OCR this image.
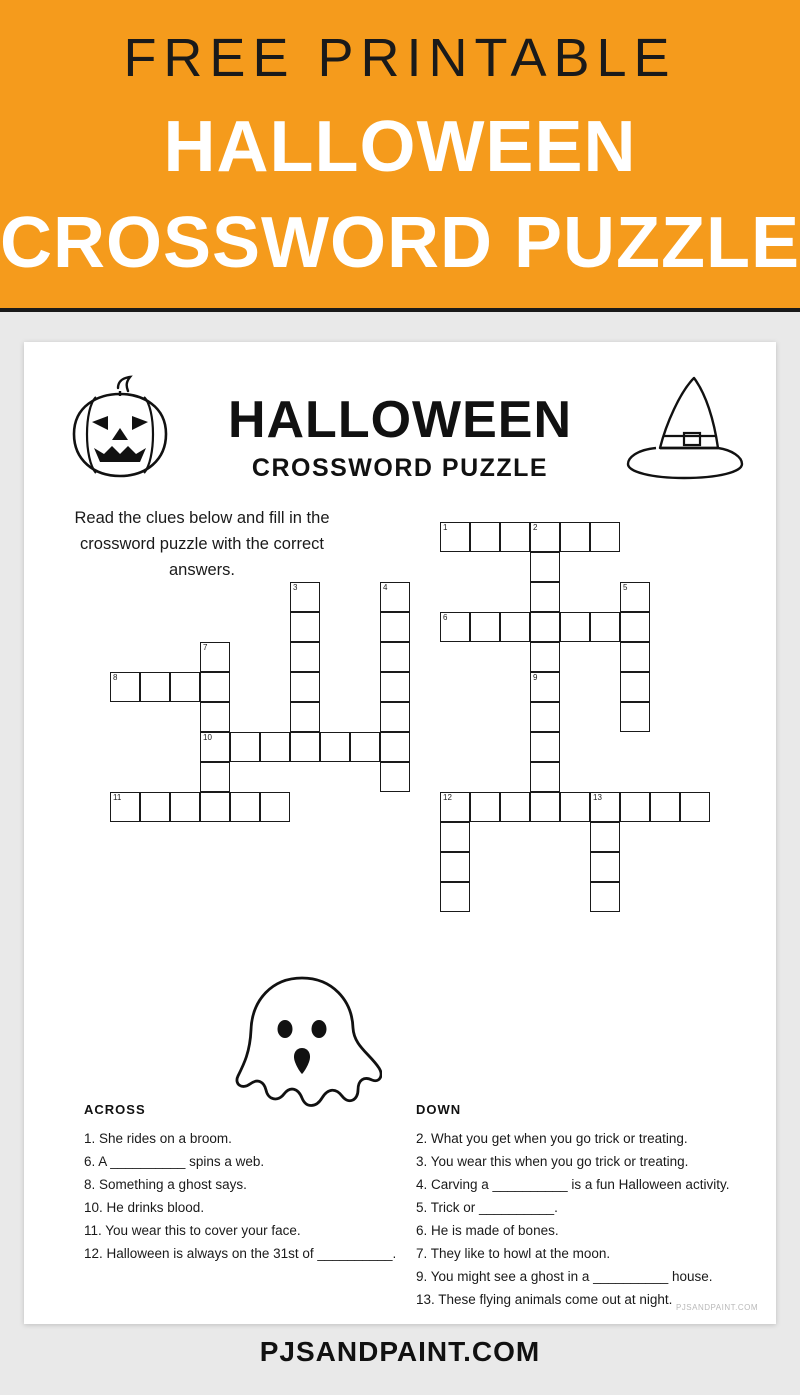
FREE PRINTABLE
HALLOWEEN
CROSSWORD PUZZLE
HALLOWEEN
CROSSWORD PUZZLE
Read the clues below and fill in the crossword puzzle with the correct answers.
1	2
3	4	5
6
7
8	9
10
11	12	13
ACROSS
1. She rides on a broom.
6. A __________ spins a web.
8. Something a ghost says.
10. He drinks blood.
11. You wear this to cover your face.
12. Halloween is always on the 31st of __________.
DOWN
2. What you get when you go trick or treating.
3. You wear this when you go trick or treating.
4. Carving a __________ is a fun Halloween activity.
5. Trick or __________.
6. He is made of bones.
7. They like to howl at the moon.
9. You might see a ghost in a __________ house.
13. These flying animals come out at night.
PJSANDPAINT.COM
PJSANDPAINT.COM
